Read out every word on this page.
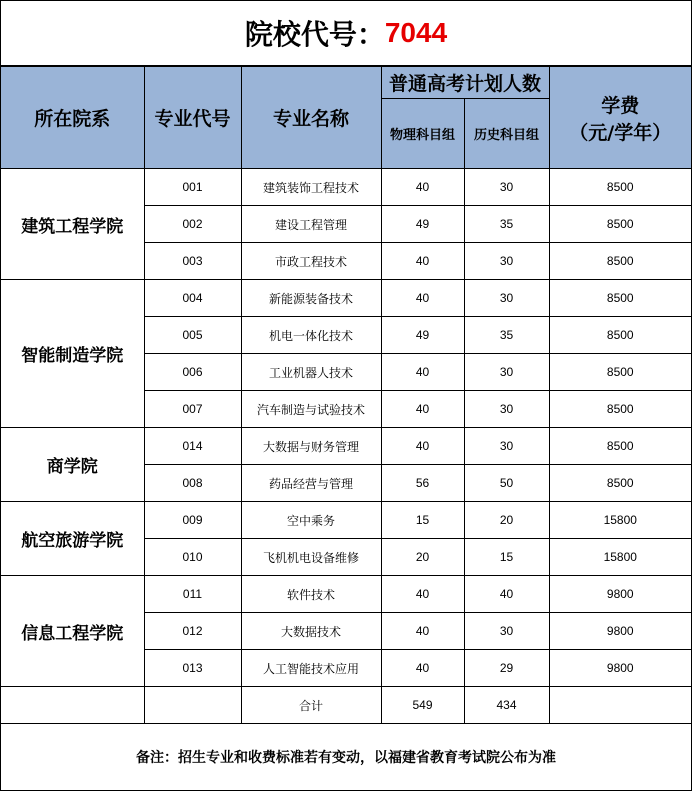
院校代号： 7044
所在院系	专业代号	专业名称	普通高考计划人数		学费
（元/学年）

			物理科目组	历史科目组	
建筑工程学院	001	建筑装饰工程技术	40	30	8500
	002	建设工程管理	49	35	8500
	003	市政工程技术	40	30	8500
智能制造学院	004	新能源装备技术	40	30	8500
	005	机电一体化技术	49	35	8500
	006	工业机器人技术	40	30	8500
	007	汽车制造与试验技术	40	30	8500
商学院	014	大数据与财务管理	40	30	8500
	008	药品经营与管理	56	50	8500
航空旅游学院	009	空中乘务	15	20	15800
	010	飞机机电设备维修	20	15	15800
信息工程学院	011	软件技术	40	40	9800
	012	大数据技术	40	30	9800
	013	人工智能技术应用	40	29	9800
		合计	549	434	
备注：招生专业和收费标准若有变动，以福建省教育考试院公布为准					
